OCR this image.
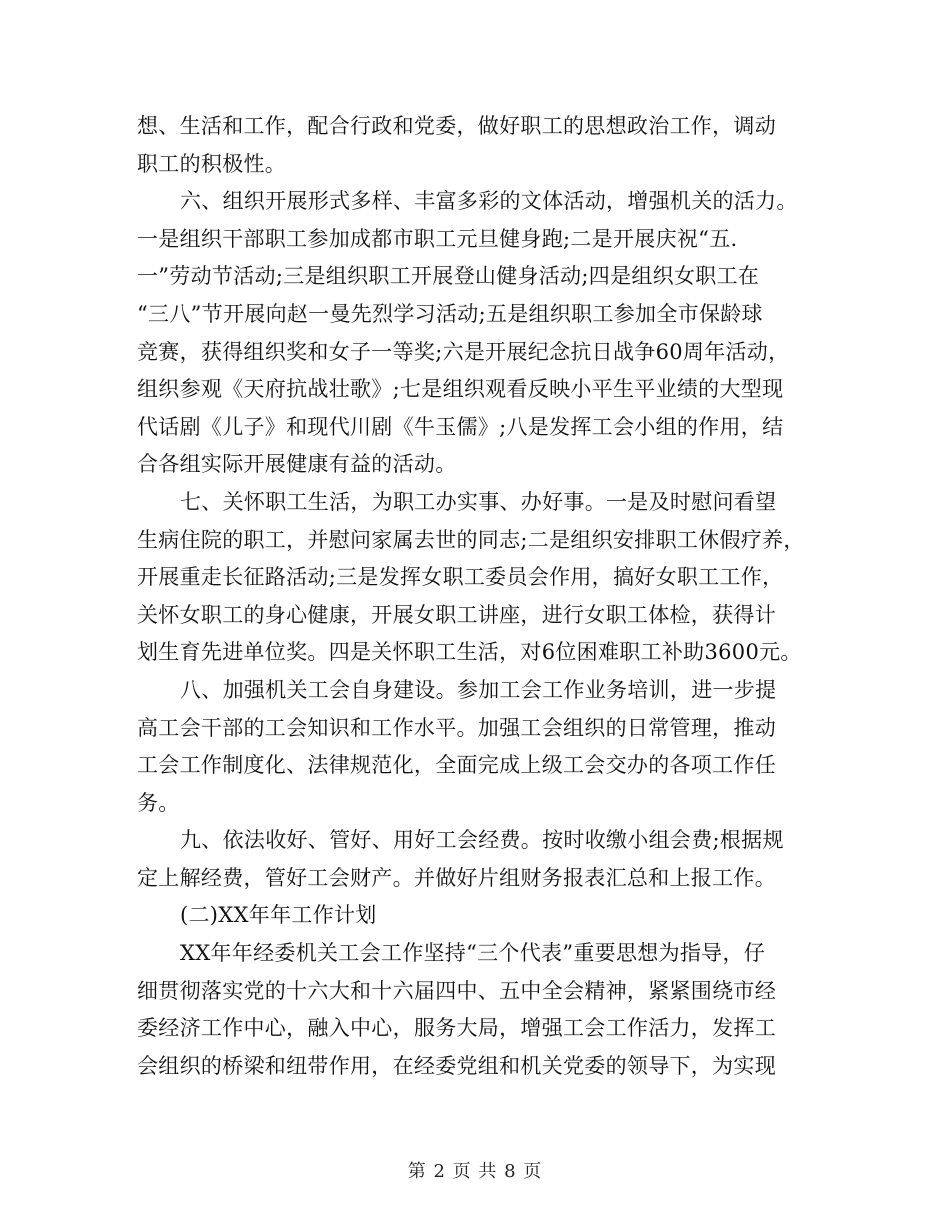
想、生活和工作，配合行政和党委，做好职工的思想政治工作，调动
职工的积极性。

六、组织开展形式多样、丰富多彩的文体活动，增强机关的活力。
一是组织干部职工参加成都市职工元旦健身跑;二是开展庆祝“五.
一”劳动节活动;三是组织职工开展登山健身活动;四是组织女职工在
“三八”节开展向赵一曼先烈学习活动;五是组织职工参加全市保龄球
竞赛，获得组织奖和女子一等奖;六是开展纪念抗日战争60周年活动，
组织参观《天府抗战壮歌》;七是组织观看反映小平生平业绩的大型现
代话剧《儿子》和现代川剧《牛玉儒》;八是发挥工会小组的作用，结
合各组实际开展健康有益的活动。

七、关怀职工生活，为职工办实事、办好事。一是及时慰问看望
生病住院的职工，并慰问家属去世的同志;二是组织安排职工休假疗养，
开展重走长征路活动;三是发挥女职工委员会作用，搞好女职工工作，
关怀女职工的身心健康，开展女职工讲座，进行女职工体检，获得计
划生育先进单位奖。四是关怀职工生活，对6位困难职工补助3600元。

八、加强机关工会自身建设。参加工会工作业务培训，进一步提
高工会干部的工会知识和工作水平。加强工会组织的日常管理，推动
工会工作制度化、法律规范化，全面完成上级工会交办的各项工作任
务。

九、依法收好、管好、用好工会经费。按时收缴小组会费;根据规
定上解经费，管好工会财产。并做好片组财务报表汇总和上报工作。

(二)XX年年工作计划

XX年年经委机关工会工作坚持“三个代表”重要思想为指导，仔
细贯彻落实党的十六大和十六届四中、五中全会精神，紧紧围绕市经
委经济工作中心，融入中心，服务大局，增强工会工作活力，发挥工
会组织的桥梁和纽带作用，在经委党组和机关党委的领导下，为实现

第 2 页 共 8 页
